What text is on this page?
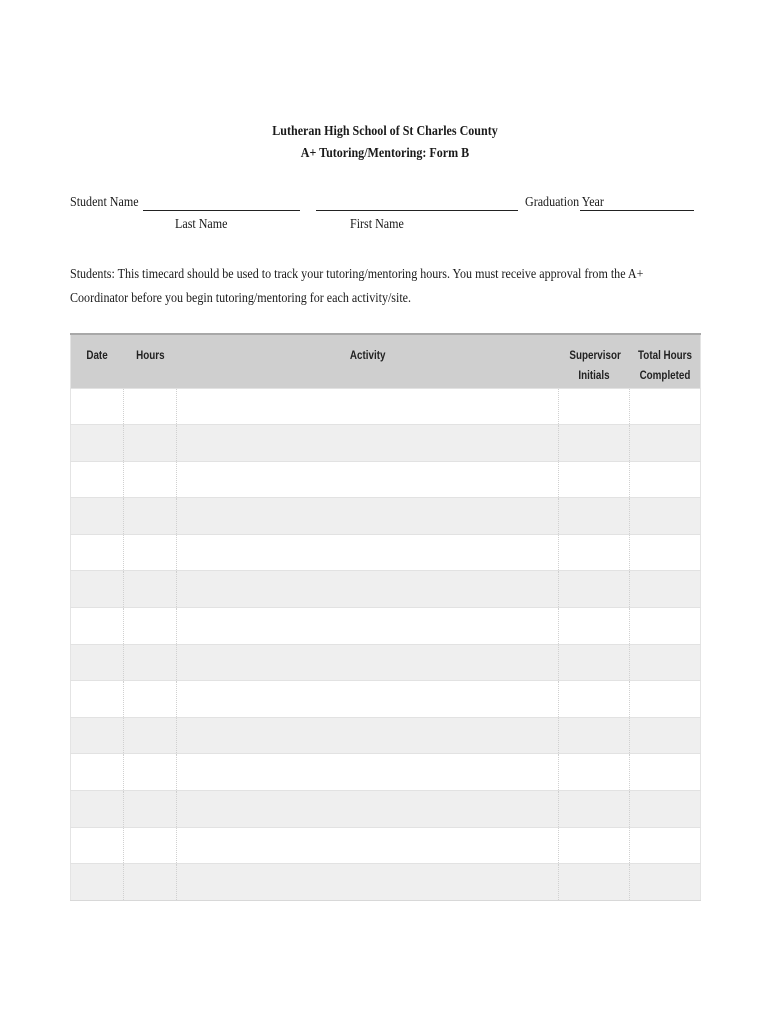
Lutheran High School of St Charles County
A+ Tutoring/Mentoring: Form B
Student Name	Graduation Year
Last Name	First Name
Students: This timecard should be used to track your tutoring/mentoring hours. You must receive approval from the A+ Coordinator before you begin tutoring/mentoring for each activity/site.
Date	Hours	Activity	Supervisor Initials	Total Hours Completed
